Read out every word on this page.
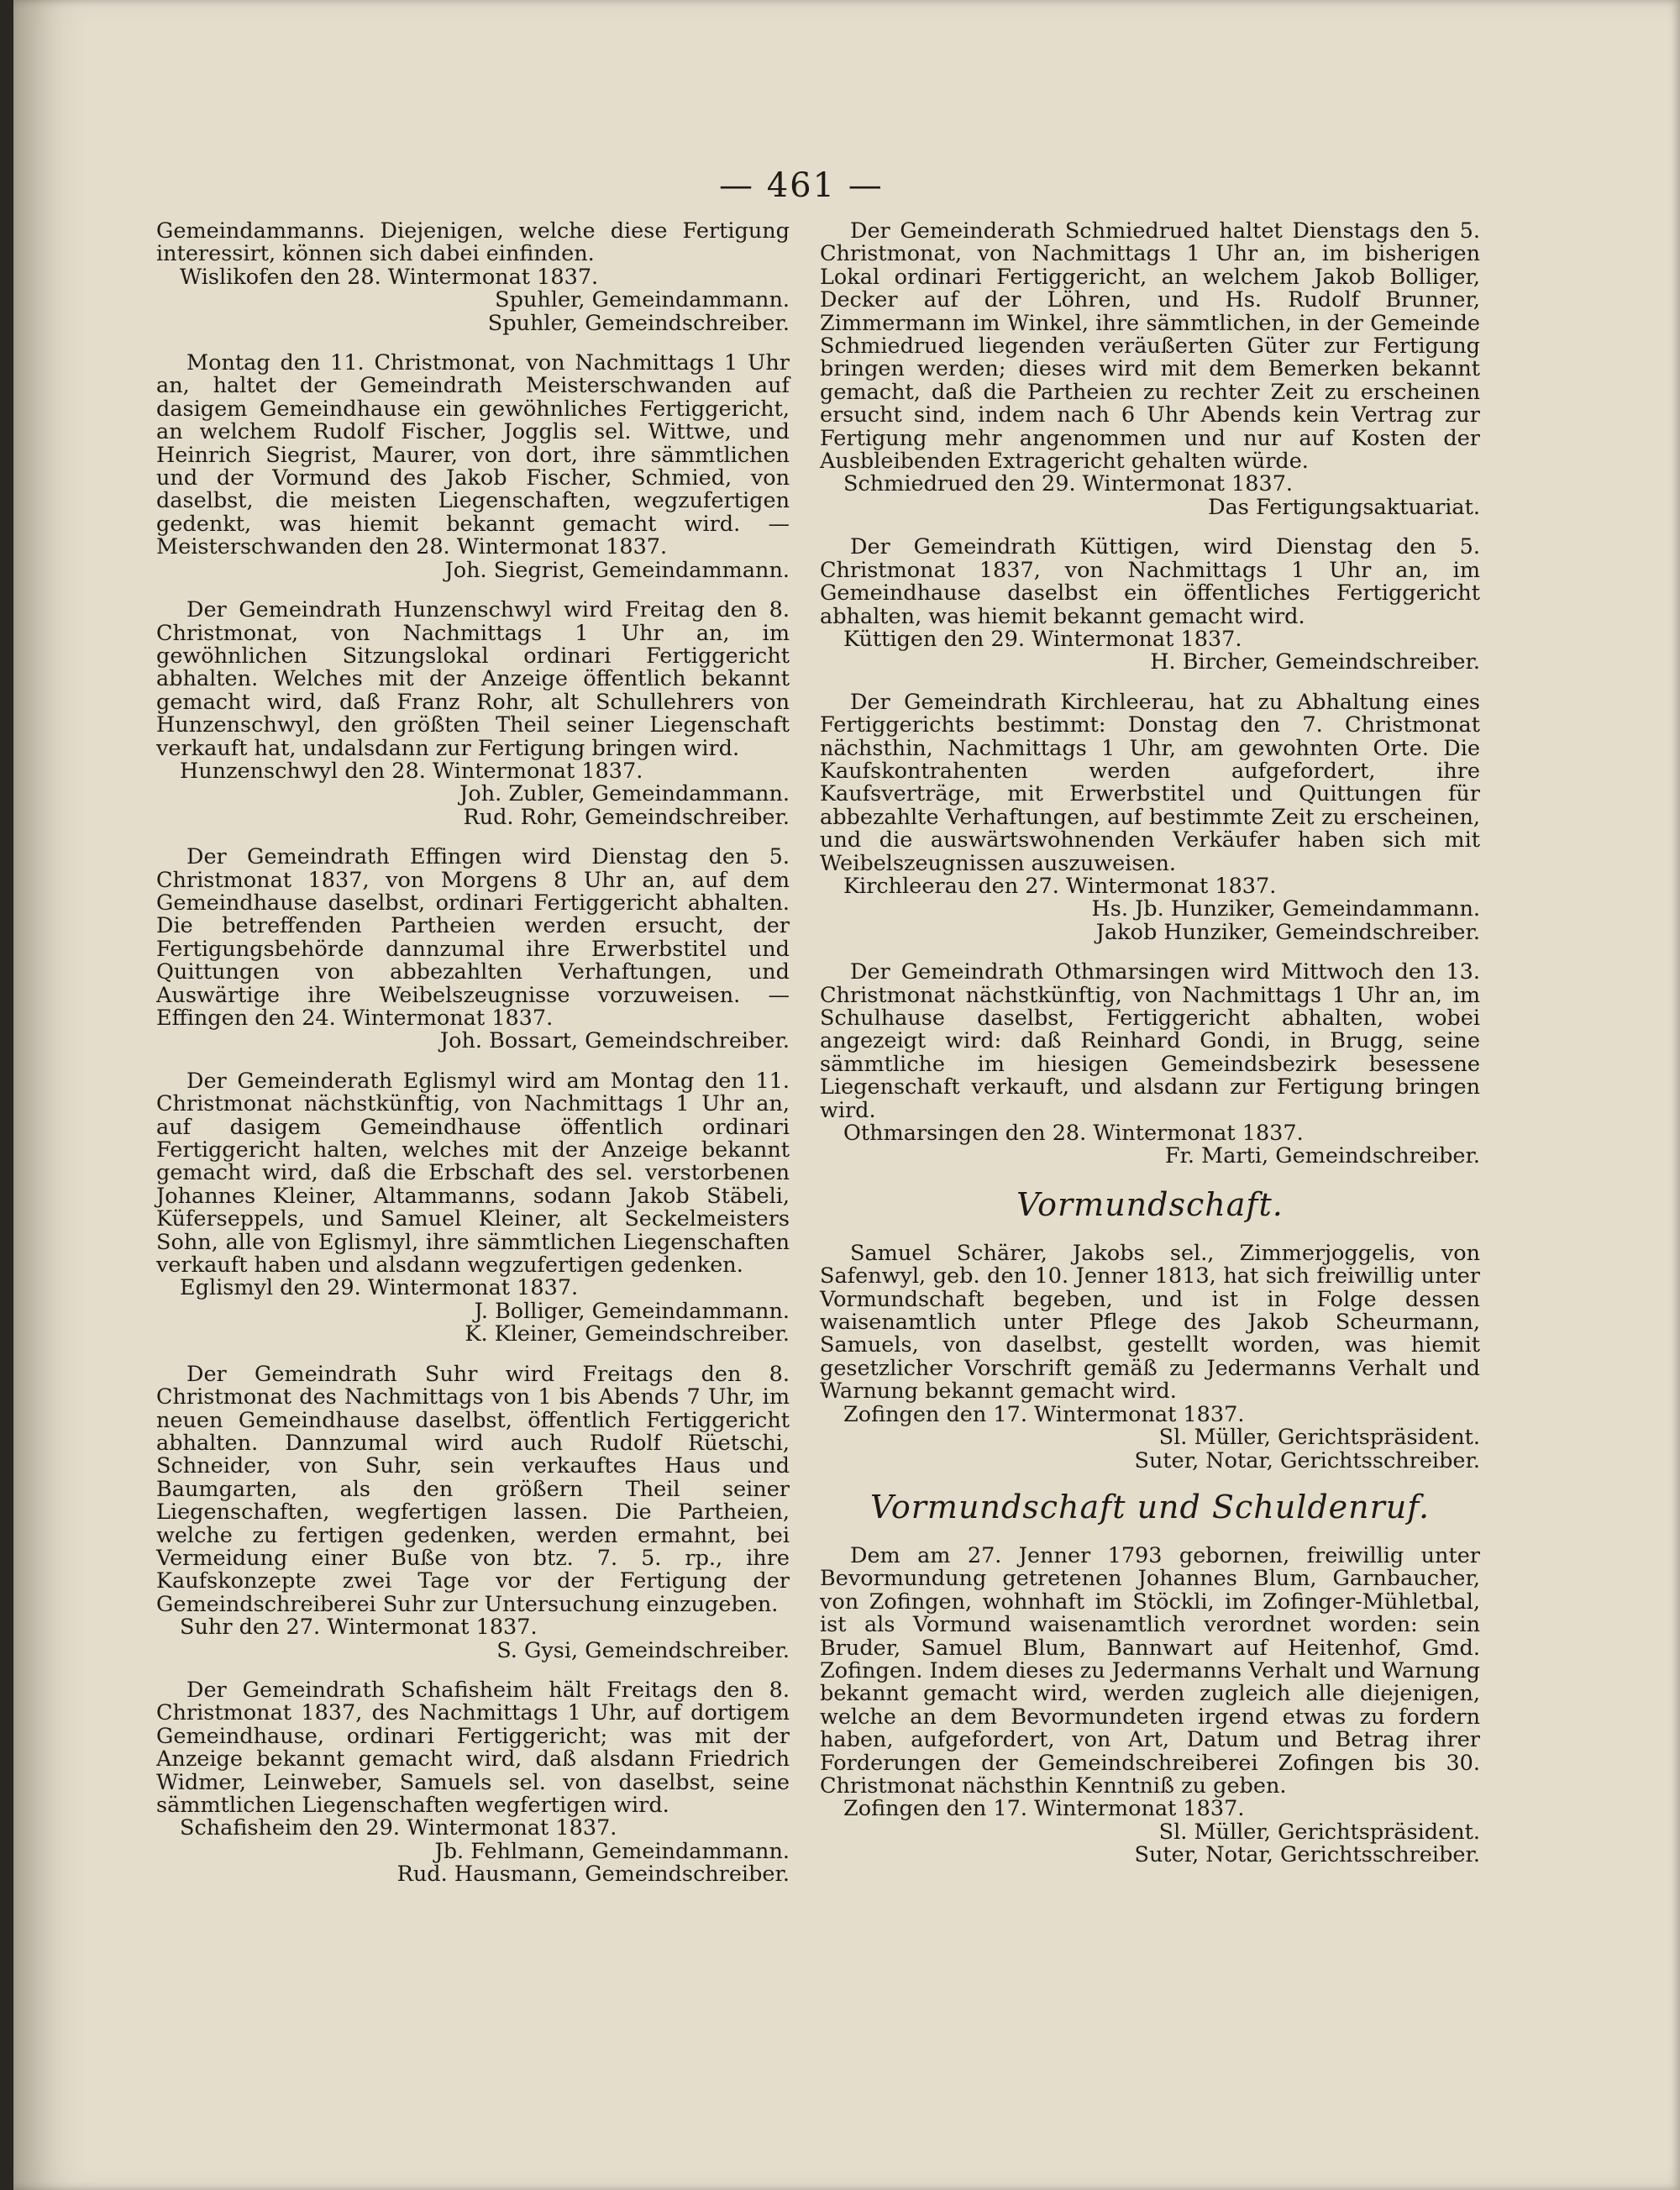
— 461 —

Gemeindammanns. Diejenigen, welche diese Fertigung interessirt, können sich dabei einfinden.

Wislikofen den 28. Wintermonat 1837.

Spuhler, Gemeindammann.

Spuhler, Gemeindschreiber.

Montag den 11. Christmonat, von Nachmittags 1 Uhr an, haltet der Gemeindrath Meisterschwanden auf dasigem Gemeindhause ein gewöhnliches Fertiggericht, an welchem Rudolf Fischer, Jogglis sel. Wittwe, und Heinrich Siegrist, Maurer, von dort, ihre sämmtlichen und der Vormund des Jakob Fischer, Schmied, von daselbst, die meisten Liegenschaften, wegzufertigen gedenkt, was hiemit bekannt gemacht wird. — Meisterschwanden den 28. Wintermonat 1837.

Joh. Siegrist, Gemeindammann.

Der Gemeindrath Hunzenschwyl wird Freitag den 8. Christmonat, von Nachmittags 1 Uhr an, im gewöhnlichen Sitzungslokal ordinari Fertiggericht abhalten. Welches mit der Anzeige öffentlich bekannt gemacht wird, daß Franz Rohr, alt Schullehrers von Hunzenschwyl, den größten Theil seiner Liegenschaft verkauft hat, undalsdann zur Fertigung bringen wird.

Hunzenschwyl den 28. Wintermonat 1837.

Joh. Zubler, Gemeindammann.

Rud. Rohr, Gemeindschreiber.

Der Gemeindrath Effingen wird Dienstag den 5. Christmonat 1837, von Morgens 8 Uhr an, auf dem Gemeindhause daselbst, ordinari Fertiggericht abhalten. Die betreffenden Partheien werden ersucht, der Fertigungsbehörde dannzumal ihre Erwerbstitel und Quittungen von abbezahlten Verhaftungen, und Auswärtige ihre Weibelszeugnisse vorzuweisen. — Effingen den 24. Wintermonat 1837.

Joh. Bossart, Gemeindschreiber.

Der Gemeinderath Eglismyl wird am Montag den 11. Christmonat nächstkünftig, von Nachmittags 1 Uhr an, auf dasigem Gemeindhause öffentlich ordinari Fertiggericht halten, welches mit der Anzeige bekannt gemacht wird, daß die Erbschaft des sel. verstorbenen Johannes Kleiner, Altammanns, sodann Jakob Stäbeli, Küferseppels, und Samuel Kleiner, alt Seckelmeisters Sohn, alle von Eglismyl, ihre sämmtlichen Liegenschaften verkauft haben und alsdann wegzufertigen gedenken.

Eglismyl den 29. Wintermonat 1837.

J. Bolliger, Gemeindammann.

K. Kleiner, Gemeindschreiber.

Der Gemeindrath Suhr wird Freitags den 8. Christmonat des Nachmittags von 1 bis Abends 7 Uhr, im neuen Gemeindhause daselbst, öffentlich Fertiggericht abhalten. Dannzumal wird auch Rudolf Rüetschi, Schneider, von Suhr, sein verkauftes Haus und Baumgarten, als den größern Theil seiner Liegenschaften, wegfertigen lassen. Die Partheien, welche zu fertigen gedenken, werden ermahnt, bei Vermeidung einer Buße von btz. 7. 5. rp., ihre Kaufskonzepte zwei Tage vor der Fertigung der Gemeindschreiberei Suhr zur Untersuchung einzugeben.

Suhr den 27. Wintermonat 1837.

S. Gysi, Gemeindschreiber.

Der Gemeindrath Schafisheim hält Freitags den 8. Christmonat 1837, des Nachmittags 1 Uhr, auf dortigem Gemeindhause, ordinari Fertiggericht; was mit der Anzeige bekannt gemacht wird, daß alsdann Friedrich Widmer, Leinweber, Samuels sel. von daselbst, seine sämmtlichen Liegenschaften wegfertigen wird.

Schafisheim den 29. Wintermonat 1837.

Jb. Fehlmann, Gemeindammann.

Rud. Hausmann, Gemeindschreiber.

Der Gemeinderath Schmiedrued haltet Dienstags den 5. Christmonat, von Nachmittags 1 Uhr an, im bisherigen Lokal ordinari Fertiggericht, an welchem Jakob Bolliger, Decker auf der Löhren, und Hs. Rudolf Brunner, Zimmermann im Winkel, ihre sämmtlichen, in der Gemeinde Schmiedrued liegenden veräußerten Güter zur Fertigung bringen werden; dieses wird mit dem Bemerken bekannt gemacht, daß die Partheien zu rechter Zeit zu erscheinen ersucht sind, indem nach 6 Uhr Abends kein Vertrag zur Fertigung mehr angenommen und nur auf Kosten der Ausbleibenden Extragericht gehalten würde.

Schmiedrued den 29. Wintermonat 1837.

Das Fertigungsaktuariat.

Der Gemeindrath Küttigen, wird Dienstag den 5. Christmonat 1837, von Nachmittags 1 Uhr an, im Gemeindhause daselbst ein öffentliches Fertiggericht abhalten, was hiemit bekannt gemacht wird.

Küttigen den 29. Wintermonat 1837.

H. Bircher, Gemeindschreiber.

Der Gemeindrath Kirchleerau, hat zu Abhaltung eines Fertiggerichts bestimmt: Donstag den 7. Christmonat nächsthin, Nachmittags 1 Uhr, am gewohnten Orte. Die Kaufskontrahenten werden aufgefordert, ihre Kaufsverträge, mit Erwerbstitel und Quittungen für abbezahlte Verhaftungen, auf bestimmte Zeit zu erscheinen, und die auswärtswohnenden Verkäufer haben sich mit Weibelszeugnissen auszuweisen.

Kirchleerau den 27. Wintermonat 1837.

Hs. Jb. Hunziker, Gemeindammann.

Jakob Hunziker, Gemeindschreiber.

Der Gemeindrath Othmarsingen wird Mittwoch den 13. Christmonat nächstkünftig, von Nachmittags 1 Uhr an, im Schulhause daselbst, Fertiggericht abhalten, wobei angezeigt wird: daß Reinhard Gondi, in Brugg, seine sämmtliche im hiesigen Gemeindsbezirk besessene Liegenschaft verkauft, und alsdann zur Fertigung bringen wird.

Othmarsingen den 28. Wintermonat 1837.

Fr. Marti, Gemeindschreiber.

Vormundschaft.

Samuel Schärer, Jakobs sel., Zimmerjoggelis, von Safenwyl, geb. den 10. Jenner 1813, hat sich freiwillig unter Vormundschaft begeben, und ist in Folge dessen waisenamtlich unter Pflege des Jakob Scheurmann, Samuels, von daselbst, gestellt worden, was hiemit gesetzlicher Vorschrift gemäß zu Jedermanns Verhalt und Warnung bekannt gemacht wird.

Zofingen den 17. Wintermonat 1837.

Sl. Müller, Gerichtspräsident.

Suter, Notar, Gerichtsschreiber.

Vormundschaft und Schuldenruf.

Dem am 27. Jenner 1793 gebornen, freiwillig unter Bevormundung getretenen Johannes Blum, Garnbaucher, von Zofingen, wohnhaft im Stöckli, im Zofinger-Mühletbal, ist als Vormund waisenamtlich verordnet worden: sein Bruder, Samuel Blum, Bannwart auf Heitenhof, Gmd. Zofingen. Indem dieses zu Jedermanns Verhalt und Warnung bekannt gemacht wird, werden zugleich alle diejenigen, welche an dem Bevormundeten irgend etwas zu fordern haben, aufgefordert, von Art, Datum und Betrag ihrer Forderungen der Gemeindschreiberei Zofingen bis 30. Christmonat nächsthin Kenntniß zu geben.

Zofingen den 17. Wintermonat 1837.

Sl. Müller, Gerichtspräsident.

Suter, Notar, Gerichtsschreiber.
